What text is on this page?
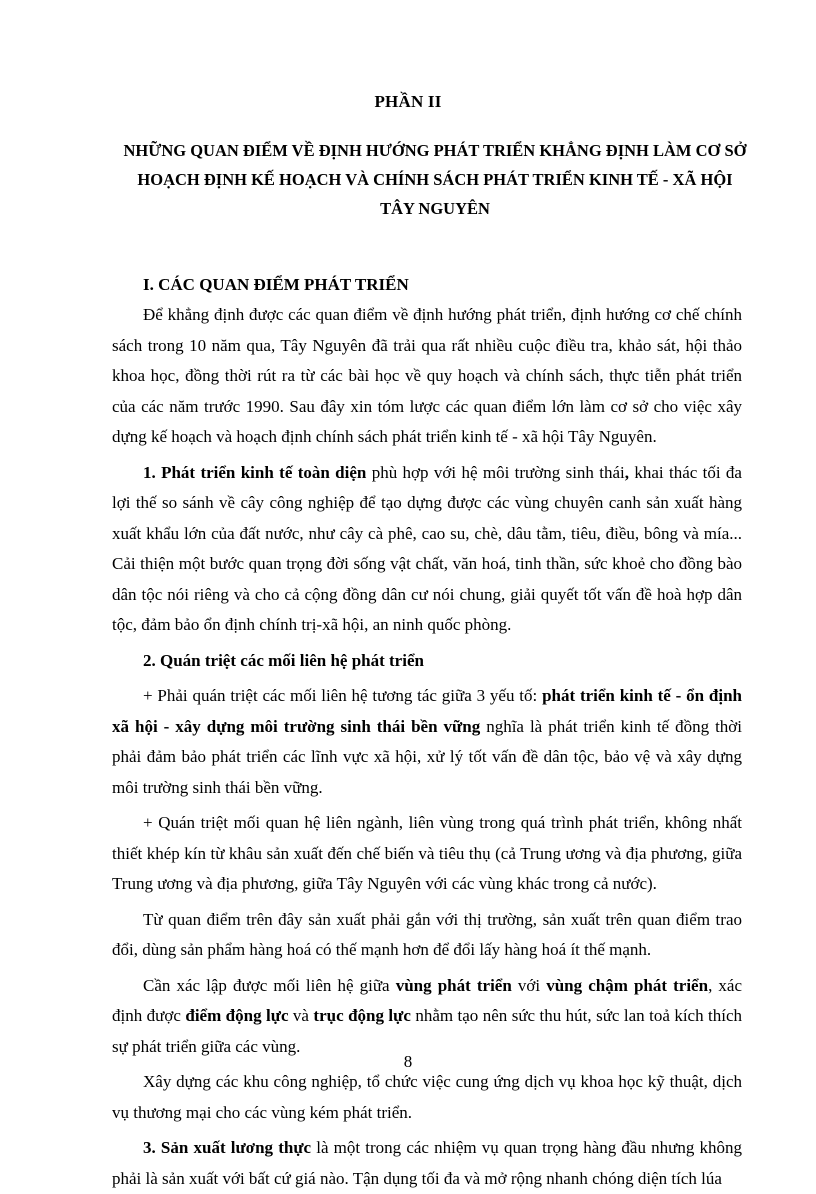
PHẦN II
NHỮNG QUAN ĐIỂM VỀ ĐỊNH HƯỚNG PHÁT TRIỂN KHẲNG ĐỊNH LÀM CƠ SỞ HOẠCH ĐỊNH KẾ HOẠCH VÀ CHÍNH SÁCH PHÁT TRIỂN KINH TẾ - XÃ HỘI TÂY NGUYÊN
I. CÁC QUAN ĐIỂM PHÁT TRIỂN

Để khẳng định được các quan điểm về định hướng phát triển, định hướng cơ chế chính sách trong 10 năm qua, Tây Nguyên đã trải qua rất nhiều cuộc điều tra, khảo sát, hội thảo khoa học, đồng thời rút ra từ các bài học về quy hoạch và chính sách, thực tiễn phát triển của các năm trước 1990. Sau đây xin tóm lược các quan điểm lớn làm cơ sở cho việc xây dựng kế hoạch và hoạch định chính sách phát triển kinh tế - xã hội Tây Nguyên.

1. Phát triển kinh tế toàn diện phù hợp với hệ môi trường sinh thái, khai thác tối đa lợi thế so sánh về cây công nghiệp để tạo dựng được các vùng chuyên canh sản xuất hàng xuất khẩu lớn của đất nước, như cây cà phê, cao su, chè, dâu tằm, tiêu, điều, bông và mía... Cải thiện một bước quan trọng đời sống vật chất, văn hoá, tinh thần, sức khoẻ cho đồng bào dân tộc nói riêng và cho cả cộng đồng dân cư nói chung, giải quyết tốt vấn đề hoà hợp dân tộc, đảm bảo ổn định chính trị-xã hội, an ninh quốc phòng.

2. Quán triệt các mối liên hệ phát triển

+ Phải quán triệt các mối liên hệ tương tác giữa 3 yếu tố: phát triển kinh tế - ổn định xã hội - xây dựng môi trường sinh thái bền vững nghĩa là phát triển kinh tế đồng thời phải đảm bảo phát triển các lĩnh vực xã hội, xử lý tốt vấn đề dân tộc, bảo vệ và xây dựng môi trường sinh thái bền vững.

+ Quán triệt mối quan hệ liên ngành, liên vùng trong quá trình phát triển, không nhất thiết khép kín từ khâu sản xuất đến chế biến và tiêu thụ (cả Trung ương và địa phương, giữa Trung ương và địa phương, giữa Tây Nguyên với các vùng khác trong cả nước).

Từ quan điểm trên đây sản xuất phải gắn với thị trường, sản xuất trên quan điểm trao đổi, dùng sản phẩm hàng hoá có thế mạnh hơn để đổi lấy hàng hoá ít thế mạnh.

Cần xác lập được mối liên hệ giữa vùng phát triển với vùng chậm phát triển, xác định được điểm động lực và trục động lực nhằm tạo nên sức thu hút, sức lan toả kích thích sự phát triển giữa các vùng.

Xây dựng các khu công nghiệp, tổ chức việc cung ứng dịch vụ khoa học kỹ thuật, dịch vụ thương mại cho các vùng kém phát triển.

3. Sản xuất lương thực là một trong các nhiệm vụ quan trọng hàng đầu nhưng không phải là sản xuất với bất cứ giá nào. Tận dụng tối đa và mở rộng nhanh chóng diện tích lúa

8
